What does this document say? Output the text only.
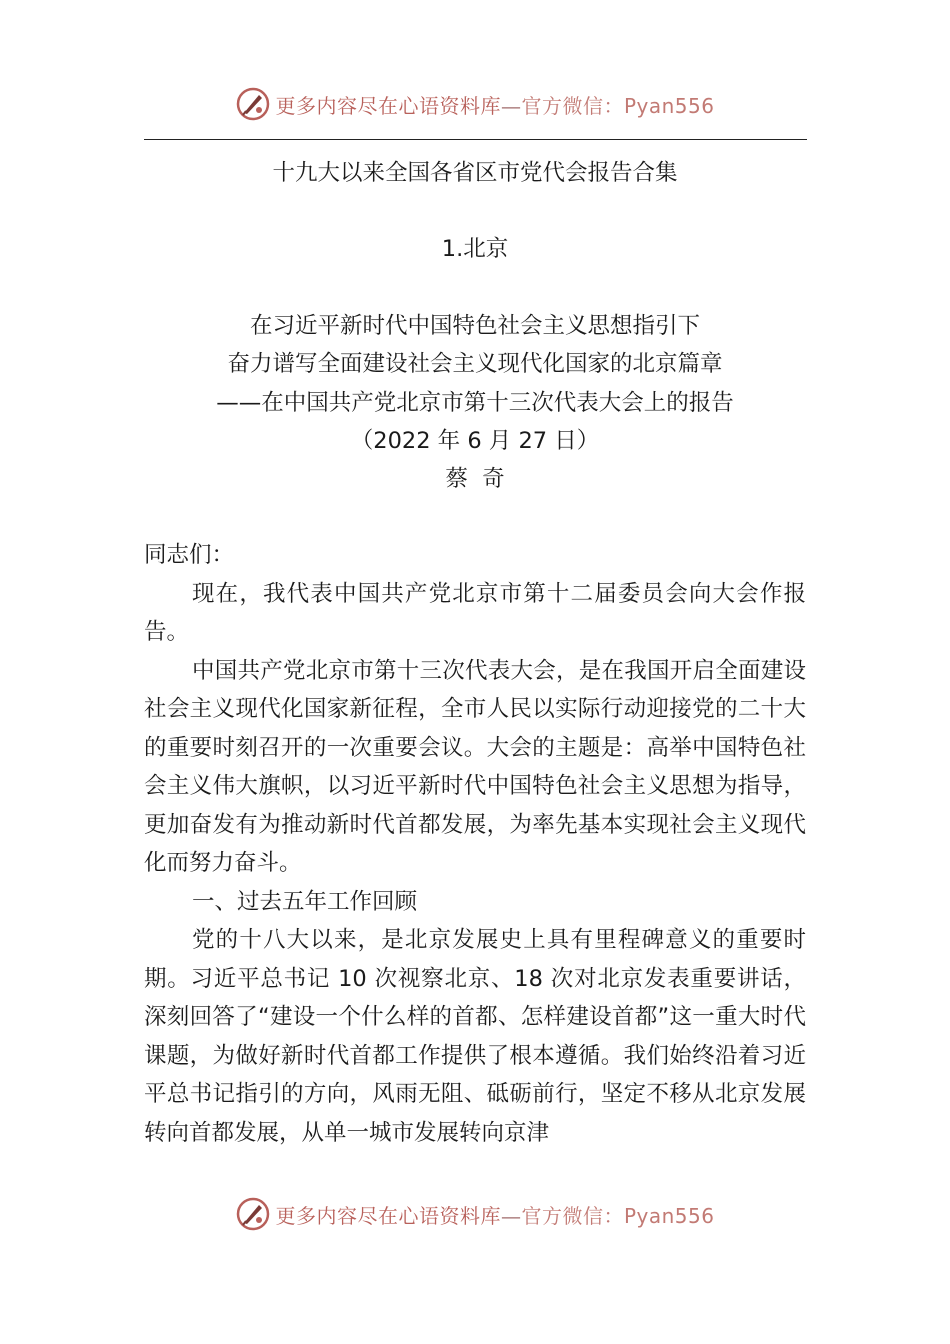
更多内容尽在心语资料库—官方微信：Pyan556
十九大以来全国各省区市党代会报告合集
1.北京
在习近平新时代中国特色社会主义思想指引下
奋力谱写全面建设社会主义现代化国家的北京篇章
——在中国共产党北京市第十三次代表大会上的报告
（2022 年 6 月 27 日）
蔡  奇

同志们：

现在，我代表中国共产党北京市第十二届委员会向大会作报告。

中国共产党北京市第十三次代表大会，是在我国开启全面建设社会主义现代化国家新征程，全市人民以实际行动迎接党的二十大的重要时刻召开的一次重要会议。大会的主题是：高举中国特色社会主义伟大旗帜，以习近平新时代中国特色社会主义思想为指导，更加奋发有为推动新时代首都发展，为率先基本实现社会主义现代化而努力奋斗。

一、过去五年工作回顾

党的十八大以来，是北京发展史上具有里程碑意义的重要时期。习近平总书记 10 次视察北京、18 次对北京发表重要讲话，深刻回答了“建设一个什么样的首都、怎样建设首都”这一重大时代课题，为做好新时代首都工作提供了根本遵循。我们始终沿着习近平总书记指引的方向，风雨无阻、砥砺前行，坚定不移从北京发展转向首都发展，从单一城市发展转向京津

更多内容尽在心语资料库—官方微信：Pyan556
